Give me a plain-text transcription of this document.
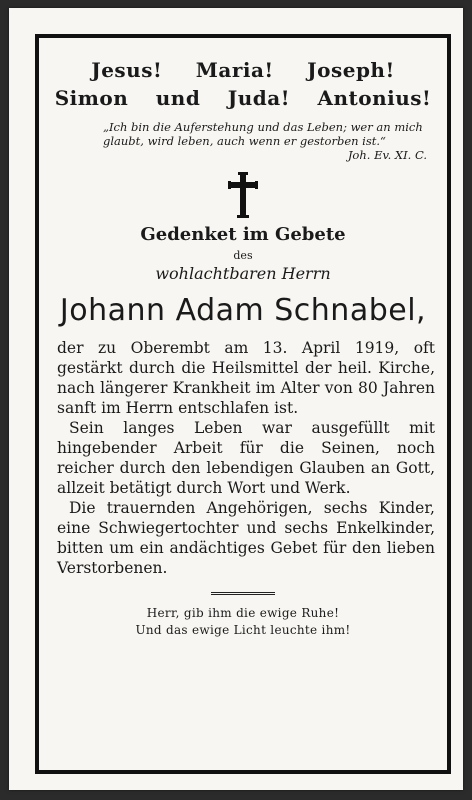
Jesus! Maria! Joseph!
Simon und Juda! Antonius!
„Ich bin die Auferstehung und das Leben; wer an mich glaubt, wird leben, auch wenn er gestorben ist.“
Joh. Ev. XI. C.
Gedenket im Gebete
des
wohlachtbaren Herrn
Johann Adam Schnabel,

der zu Oberembt am 13. April 1919, oft gestärkt durch die Heilsmittel der heil. Kirche, nach längerer Krankheit im Alter von 80 Jahren sanft im Herrn entschlafen ist.

Sein langes Leben war ausgefüllt mit hingebender Arbeit für die Seinen, noch reicher durch den lebendigen Glauben an Gott, allzeit betätigt durch Wort und Werk.

Die trauernden Angehörigen, sechs Kinder, eine Schwiegertochter und sechs Enkelkinder, bitten um ein andächtiges Gebet für den lieben Verstorbenen.

Herr, gib ihm die ewige Ruhe!
Und das ewige Licht leuchte ihm!
